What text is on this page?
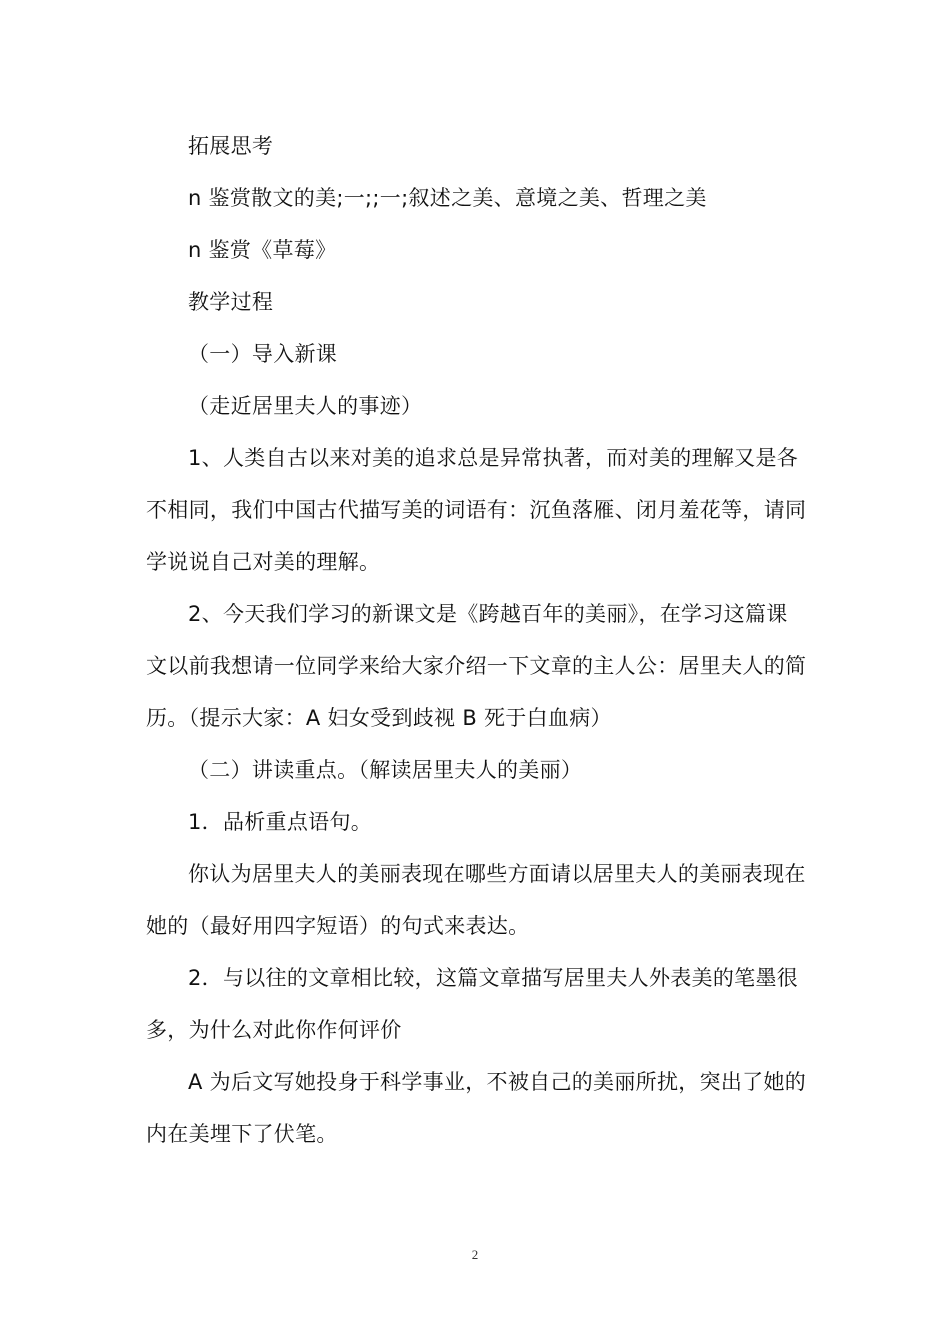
拓展思考

n 鉴赏散文的美;一;;一;叙述之美、意境之美、哲理之美

n 鉴赏《草莓》

教学过程

（一）导入新课

（走近居里夫人的事迹）

1、人类自古以来对美的追求总是异常执著，而对美的理解又是各不相同，我们中国古代描写美的词语有：沉鱼落雁、闭月羞花等，请同学说说自己对美的理解。

2、今天我们学习的新课文是《跨越百年的美丽》，在学习这篇课文以前我想请一位同学来给大家介绍一下文章的主人公：居里夫人的简历。（提示大家：A 妇女受到歧视 B 死于白血病）

（二）讲读重点。（解读居里夫人的美丽）

1．品析重点语句。

你认为居里夫人的美丽表现在哪些方面请以居里夫人的美丽表现在她的（最好用四字短语）的句式来表达。

2．与以往的文章相比较，这篇文章描写居里夫人外表美的笔墨很多，为什么对此你作何评价

A 为后文写她投身于科学事业，不被自己的美丽所扰，突出了她的内在美埋下了伏笔。

2
